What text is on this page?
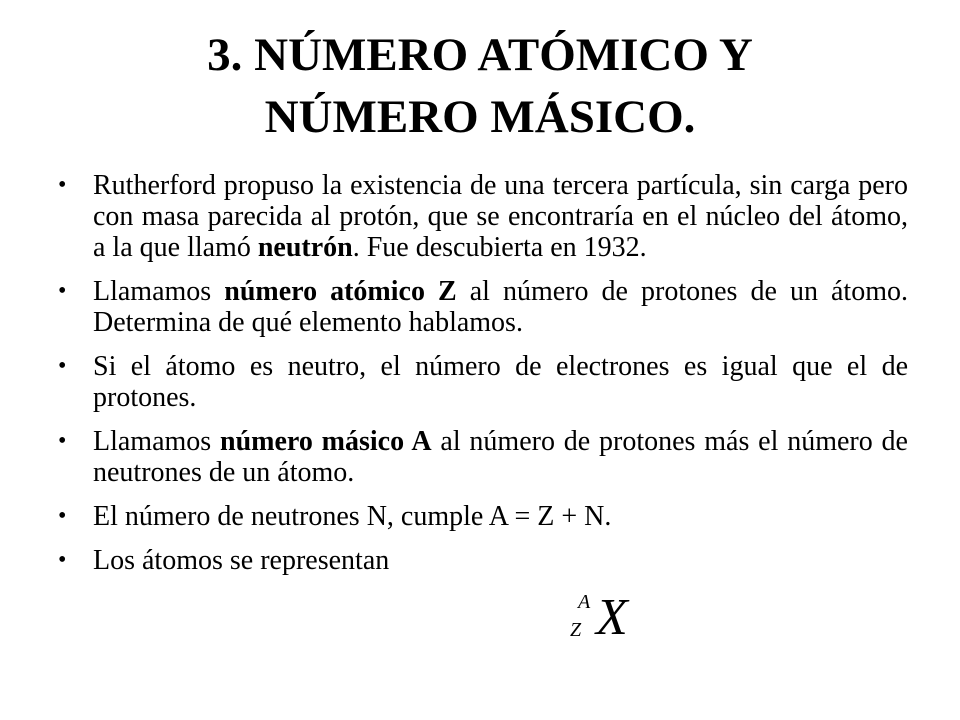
3. NÚMERO ATÓMICO Y
NÚMERO MÁSICO.
• Rutherford propuso la existencia de una tercera partícula, sin carga pero con masa parecida al protón, que se encontraría en el núcleo del átomo, a la que llamó neutrón. Fue descubierta en 1932.
• Llamamos número atómico Z al número de protones de un átomo. Determina de qué elemento hablamos.
• Si el átomo es neutro, el número de electrones es igual que el de protones.
• Llamamos número másico A al número de protones más el número de neutrones de un átomo.
• El número de neutrones N, cumple A = Z + N.
• Los átomos se representan
A
Z X
